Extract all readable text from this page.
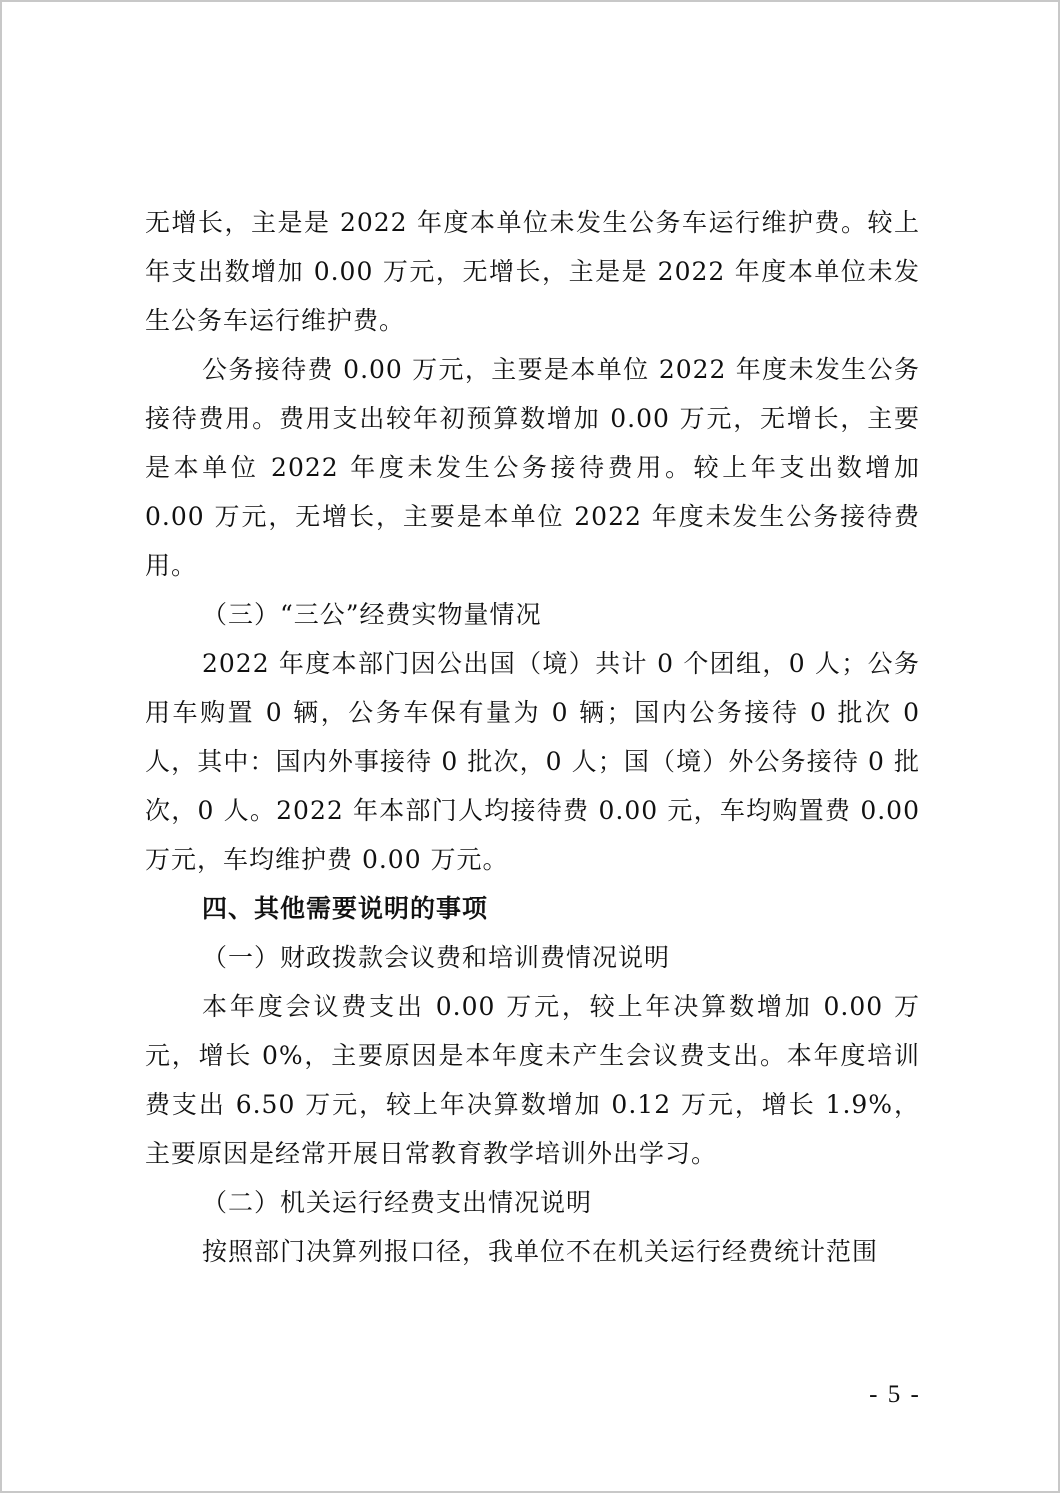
无增长，主是是 2022 年度本单位未发生公务车运行维护费。较上年支出数增加 0.00 万元，无增长，主是是 2022 年度本单位未发生公务车运行维护费。

公务接待费 0.00 万元，主要是本单位 2022 年度未发生公务接待费用。费用支出较年初预算数增加 0.00 万元，无增长，主要是本单位 2022 年度未发生公务接待费用。较上年支出数增加 0.00 万元，无增长，主要是本单位 2022 年度未发生公务接待费用。

（三）“三公”经费实物量情况

2022 年度本部门因公出国（境）共计 0 个团组，0 人；公务用车购置 0 辆，公务车保有量为 0 辆；国内公务接待 0 批次 0 人，其中：国内外事接待 0 批次，0 人；国（境）外公务接待 0 批次，0 人。2022 年本部门人均接待费 0.00 元，车均购置费 0.00 万元，车均维护费 0.00 万元。

四、其他需要说明的事项

（一）财政拨款会议费和培训费情况说明

本年度会议费支出 0.00 万元，较上年决算数增加 0.00 万元，增长 0%，主要原因是本年度未产生会议费支出。本年度培训费支出 6.50 万元，较上年决算数增加 0.12 万元，增长 1.9%，主要原因是经常开展日常教育教学培训外出学习。

（二）机关运行经费支出情况说明

按照部门决算列报口径，我单位不在机关运行经费统计范围

- 5 -
